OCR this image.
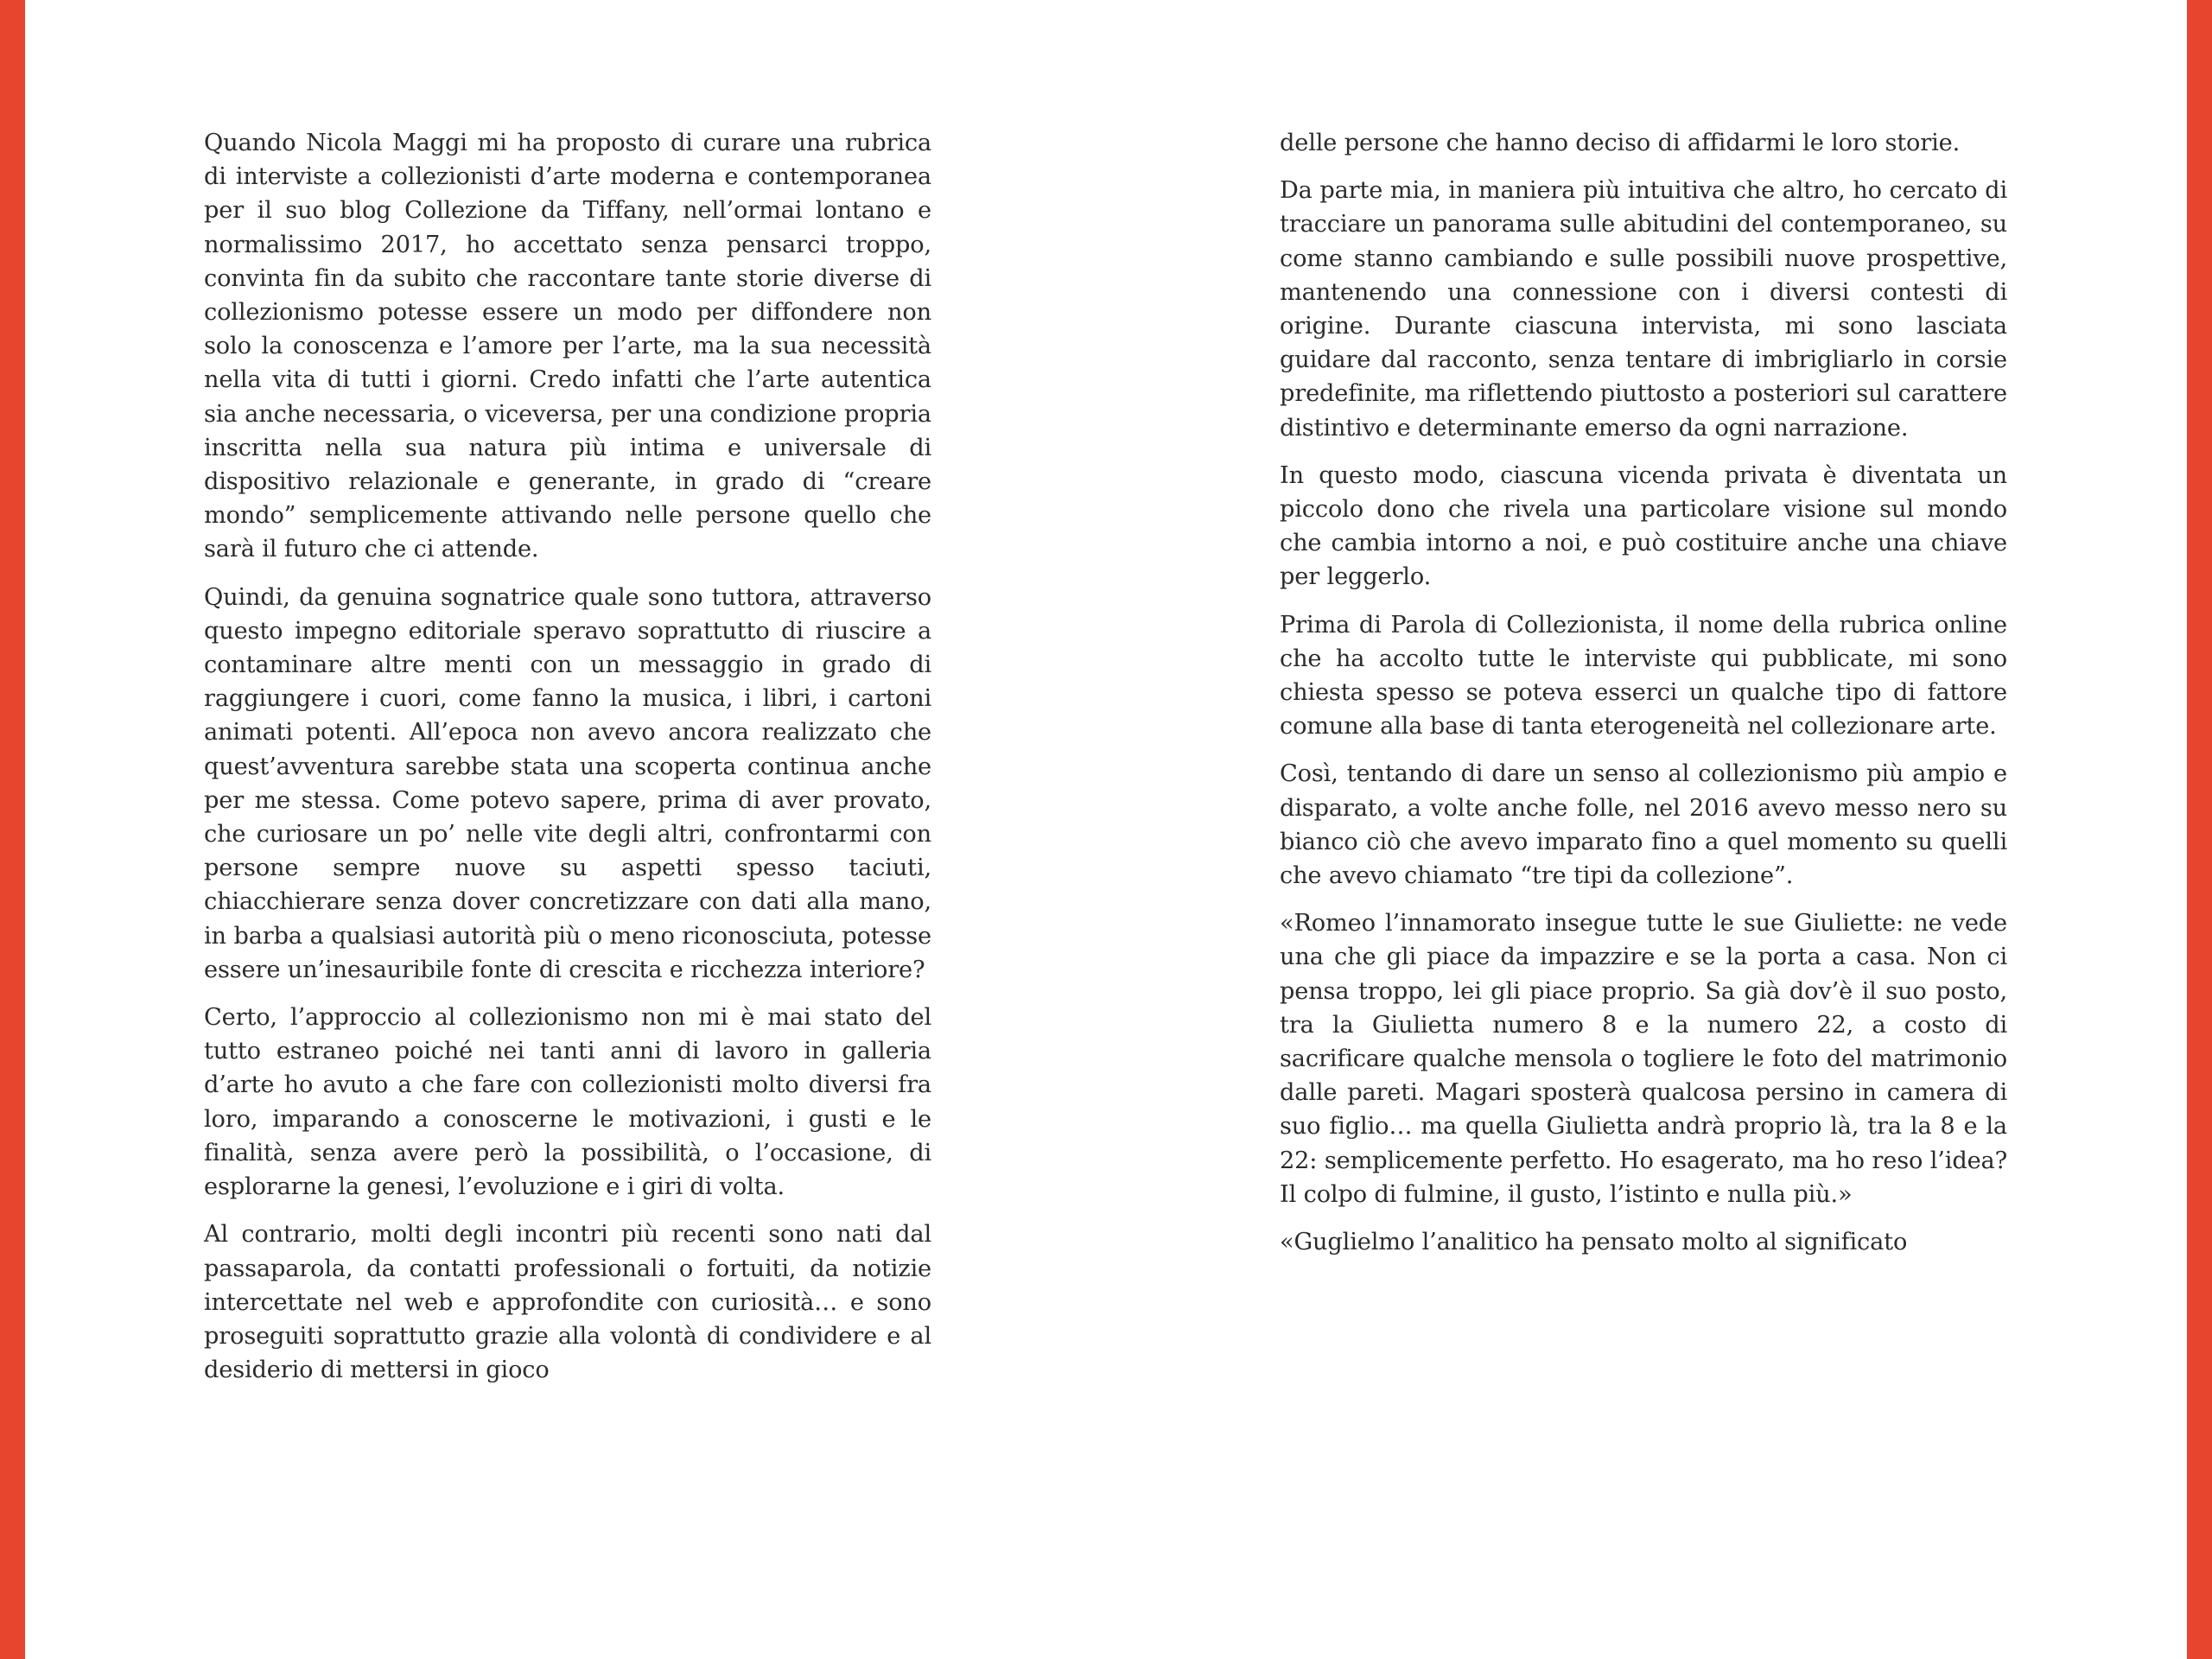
Quando Nicola Maggi mi ha proposto di curare una rubrica di interviste a collezionisti d’arte moderna e contemporanea per il suo blog Collezione da Tiffany, nell’ormai lontano e normalissimo 2017, ho accettato senza pensarci troppo, convinta fin da subito che raccontare tante storie diverse di collezionismo potesse essere un modo per diffondere non solo la conoscenza e l’amore per l’arte, ma la sua necessità nella vita di tutti i giorni. Credo infatti che l’arte autentica sia anche necessaria, o viceversa, per una condizione propria inscritta nella sua natura più intima e universale di dispositivo relazionale e generante, in grado di “creare mondo” semplicemente attivando nelle persone quello che sarà il futuro che ci attende.

Quindi, da genuina sognatrice quale sono tuttora, attraverso questo impegno editoriale speravo soprattutto di riuscire a contaminare altre menti con un messaggio in grado di raggiungere i cuori, come fanno la musica, i libri, i cartoni animati potenti. All’epoca non avevo ancora realizzato che quest’avventura sarebbe stata una scoperta continua anche per me stessa. Come potevo sapere, prima di aver provato, che curiosare un po’ nelle vite degli altri, confrontarmi con persone sempre nuove su aspetti spesso taciuti, chiacchierare senza dover concretizzare con dati alla mano, in barba a qualsiasi autorità più o meno riconosciuta, potesse essere un’inesauribile fonte di crescita e ricchezza interiore?

Certo, l’approccio al collezionismo non mi è mai stato del tutto estraneo poiché nei tanti anni di lavoro in galleria d’arte ho avuto a che fare con collezionisti molto diversi fra loro, imparando a conoscerne le motivazioni, i gusti e le finalità, senza avere però la possibilità, o l’occasione, di esplorarne la genesi, l’evoluzione e i giri di volta.

Al contrario, molti degli incontri più recenti sono nati dal passaparola, da contatti professionali o fortuiti, da notizie intercettate nel web e approfondite con curiosità… e sono proseguiti soprattutto grazie alla volontà di condividere e al desiderio di mettersi in gioco

delle persone che hanno deciso di affidarmi le loro storie.

Da parte mia, in maniera più intuitiva che altro, ho cercato di tracciare un panorama sulle abitudini del contemporaneo, su come stanno cambiando e sulle possibili nuove prospettive, mantenendo una connessione con i diversi contesti di origine. Durante ciascuna intervista, mi sono lasciata guidare dal racconto, senza tentare di imbrigliarlo in corsie predefinite, ma riflettendo piuttosto a posteriori sul carattere distintivo e determinante emerso da ogni narrazione.

In questo modo, ciascuna vicenda privata è diventata un piccolo dono che rivela una particolare visione sul mondo che cambia intorno a noi, e può costituire anche una chiave per leggerlo.

Prima di Parola di Collezionista, il nome della rubrica online che ha accolto tutte le interviste qui pubblicate, mi sono chiesta spesso se poteva esserci un qualche tipo di fattore comune alla base di tanta eterogeneità nel collezionare arte.

Così, tentando di dare un senso al collezionismo più ampio e disparato, a volte anche folle, nel 2016 avevo messo nero su bianco ciò che avevo imparato fino a quel momento su quelli che avevo chiamato “tre tipi da collezione”.

«Romeo l’innamorato insegue tutte le sue Giuliette: ne vede una che gli piace da impazzire e se la porta a casa. Non ci pensa troppo, lei gli piace proprio. Sa già dov’è il suo posto, tra la Giulietta numero 8 e la numero 22, a costo di sacrificare qualche mensola o togliere le foto del matrimonio dalle pareti. Magari sposterà qualcosa persino in camera di suo figlio… ma quella Giulietta andrà proprio là, tra la 8 e la 22: semplicemente perfetto. Ho esagerato, ma ho reso l’idea? Il colpo di fulmine, il gusto, l’istinto e nulla più.»

«Guglielmo l’analitico ha pensato molto al significato
